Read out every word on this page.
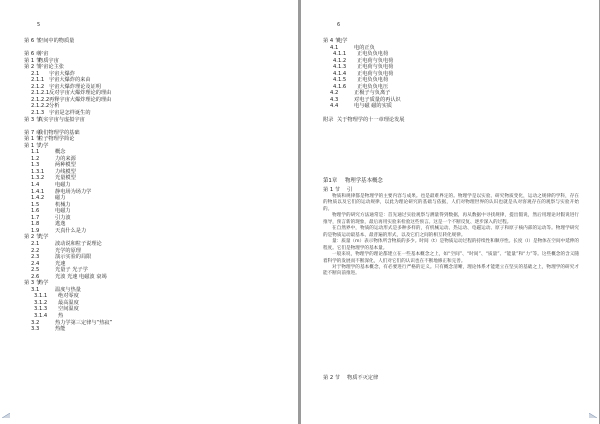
5
第 6 节空间中的物质量
第 6 章宇宙
第 1 节物质宇宙
第 2 节宇宙论主张
2.1 宇宙大爆炸
2.1.1 宇宙大爆炸的来由
2.1.2 宇宙大爆炸理论及证明
2.1.2.1反对宇宙大爆炸理论的理由
2.1.2.2再释宇宙大爆炸理论的理由
2.1.2.2分析
2.1.3 宇宙是怎样诞生的
第 3 节真实宇宙与虚拟宇宙
第 7 章我们物理学的基础
第 1 节粒子物理学简论
第 1 节力学
1.1	概念
1.2	力的来源
1.3	两种模型
1.3.1 力线模型
1.3.2 光量模型
1.4	电磁力
1.4.1 静电场为场力学
1.4.2 磁力
1.5	机械力
1.6	电磁力
1.7	引力波
1.8	逃逸
1.9	天真什么是力
第 2 节光学
2.1	波动说和粒子说理论
2.2	光学的原理
2.3	演示实验的局限
2.4	光速
2.5	光量子 光子学
2.6	光波 光速 电磁波 衰竭
第 3 节热学
3.1	温度与热量
3.1.1 绝对零度
3.1.2 最高温度
3.1.3 空间温度
3.1.4 热
3.2	热力学第三定律与“热寂”
3.3	热能
6
第 4 节电学
4.1	电的正负
4.1.1 正电负负电荷
4.1.2 正电荷与负电荷
4.1.3 正电荷与负电荷
4.1.4 正电荷与负电荷
4.1.5 正电负负电荷
4.1.6 正电负负电压
4.2	正极子与负离子
4.3	对电子质量的再认识
4.4	电与磁 磁的实质
附录 关于物理学的十一章理论发展
第1章 物理学基本概念
第 1 节 引

物质和规律都是物理学的主要内容与成果。也是最难界定的。物理学是以实验、研究物质变化，运动之规律的学科，存在的物质以及它们的运动规律，以此为理论研究的基础与依据，人们对物理世界的认识也就是从对客观存在的观察与实验开始的。

物理学的研究方法通常是：首先通过实验观察与测量得到数据，再从数据中寻找规律，提出假说，然后用理论对假说进行推导，预言新的现象，最后再用实验来检验这些预言。这是一个不断反复、逐步深入的过程。

在自然界中，物质的运动形式是多种多样的，有机械运动、热运动、电磁运动、原子和原子核内部的运动等。物理学研究的是物质运动最基本、最普遍的形式，以及它们之间的相互转化规律。

量：质量（m）表示物体所含物质的多少。时间（t）是物质运动过程的持续性和顺序性。长度（l）是物体在空间中延伸的程度。它们是物理学的基本量。

一般来说，物理学的理论都建立在一些基本概念之上，如“空间”、“时间”、“质量”、“能量”和“力”等。这些概念的含义随着科学的发展而不断深化，人们对它们的认识也在不断地修正和完善。

对于物理学的基本概念，有必要进行严格的定义。只有概念清晰，理论体系才能建立在坚实的基础之上，物理学的研究才能不断向前推进。

第 2 节 物质不灭定律
